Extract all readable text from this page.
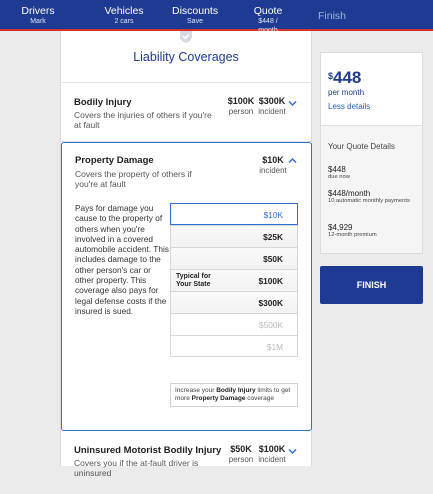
Drivers
Mark
Vehicles
2 cars
Discounts
Save
Quote
$448 /	Finish
Liability Coverages
Bodily Injury
Covers the injuries of others if you're at fault
$100K
person
$300K
incident
Property Damage
Covers the property of others if you're at fault
$10K
incident
Pays for damage you cause to the property of others when you're involved in a covered automobile accident. This includes damage to the other person's car or other property. This coverage also pays for legal defense costs if the insured is sued.
$10K
$25K
$50K
Typical for Your State	$100K
$300K
$500K
$1M
Increase your Bodily Injury limits to get more Property Damage coverage
Uninsured Motorist Bodily Injury
Covers you if the at-fault driver is uninsured
$50K
person
$100K
incident
$448
per month
Less details
Your Quote Details
$448
due now
$448/month
10 automatic monthly payments
$4,929
12-month premium
FINISH
